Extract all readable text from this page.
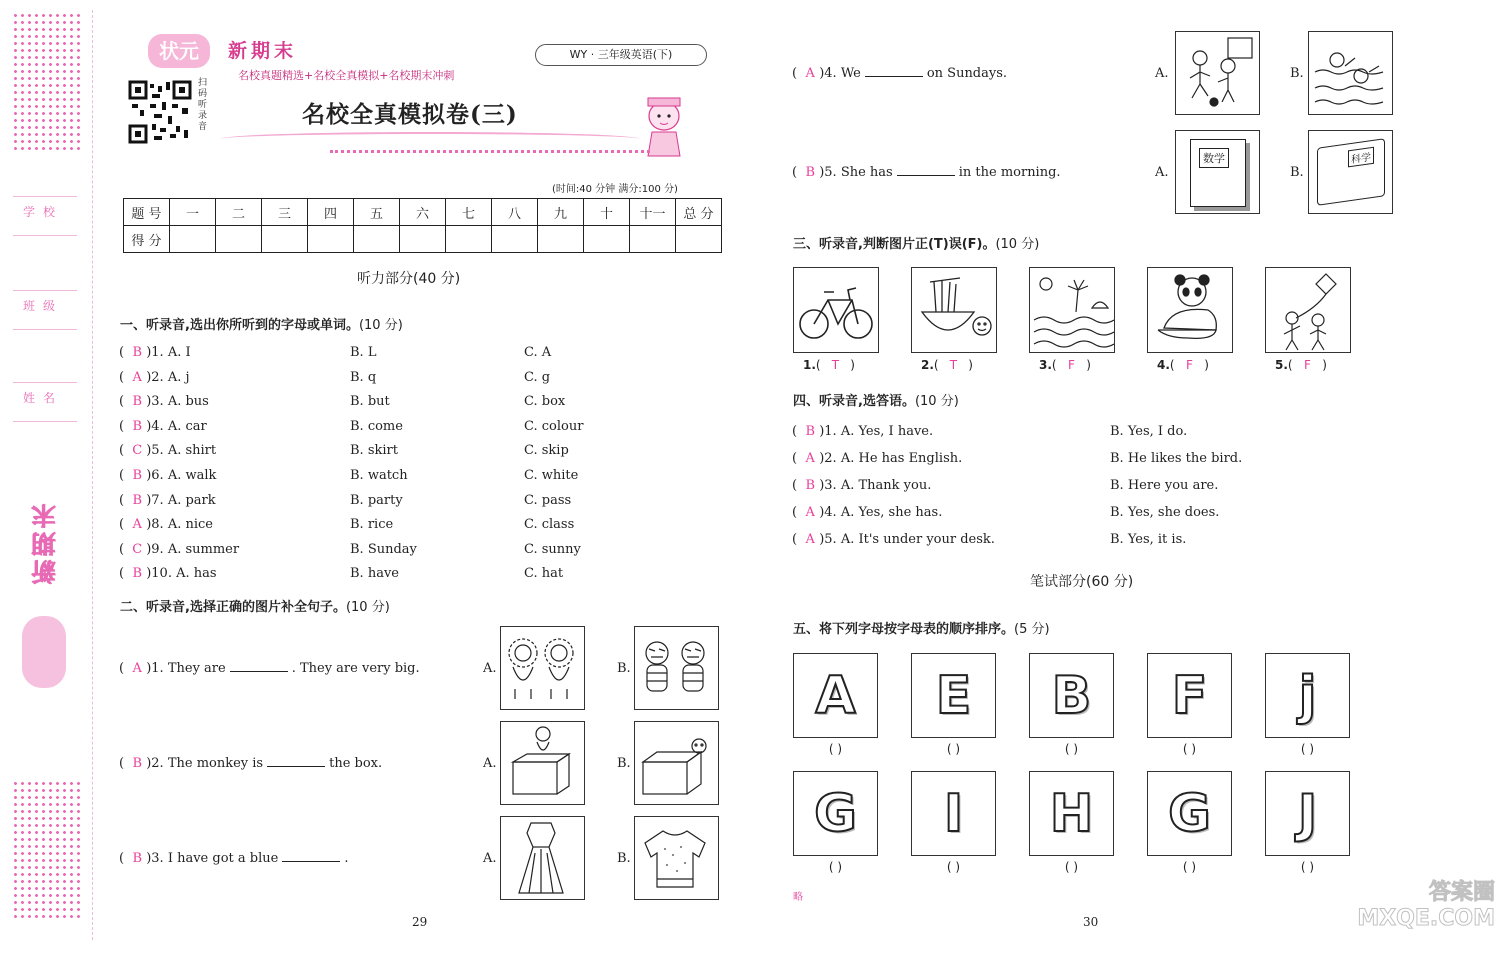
学校
班级
姓名
新期末
状元	新期末	WY · 三年级英语(下)
名校真题精选+名校全真模拟+名校期末冲刺
扫码听录音	名校全真模拟卷(三)
(时间:40 分钟 满分:100 分)
题 号	一	二	三	四	五	六	七	八	九	十	十一	总 分
得 分												
听力部分(40 分)
一、听录音,选出你所听到的字母或单词。(10 分)
( B )1. A. I	B. L	C. A
( A )2. A. j	B. q	C. g
( B )3. A. bus	B. but	C. box
( B )4. A. car	B. come	C. colour
( C )5. A. shirt	B. skirt	C. skip
( B )6. A. walk	B. watch	C. white
( B )7. A. park	B. party	C. pass
( A )8. A. nice	B. rice	C. class
( C )9. A. summer	B. Sunday	C. sunny
( B )10. A. has	B. have	C. hat
二、听录音,选择正确的图片补全句子。(10 分)
( A )1. They are	. They are very big.	A.	B.
( B )2. The monkey is	the box.	A.	B.
( B )3. I have got a blue	.	A.	B.
( A )4. We	on Sundays.	A.	B.
( B )5. She has	in the morning.	A.
数学
B.
科学
29
三、听录音,判断图片正(T)误(F)。(10 分)
1.( T )	2.( T )	3.( F )	4.( F )	5.( F )
四、听录音,选答语。(10 分)
( B )1. A. Yes, I have.	B. Yes, I do.
( A )2. A. He has English.	B. He likes the bird.
( B )3. A. Thank you.	B. Here you are.
( A )4. A. Yes, she has.	B. Yes, she does.
( A )5. A. It's under your desk.	B. Yes, it is.
笔试部分(60 分)
五、将下列字母按字母表的顺序排序。(5 分)
A
( )
E
( )
B
( )
F
( )
j
( )
G
( )
I
( )
H
( )
G
( )
J
( )
略
30
答案圈 MXQE.COM
